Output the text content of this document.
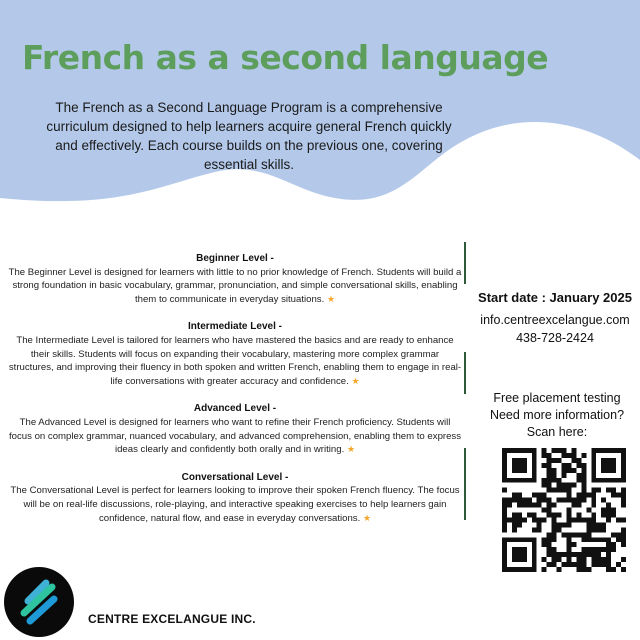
French as a second language

The French as a Second Language Program is a comprehensive curriculum designed to help learners acquire general French quickly and effectively. Each course builds on the previous one, covering essential skills.

Beginner Level -
The Beginner Level is designed for learners with little to no prior knowledge of French. Students will build a strong foundation in basic vocabulary, grammar, pronunciation, and simple conversational skills, enabling them to communicate in everyday situations. ★
Intermediate Level -
The Intermediate Level is tailored for learners who have mastered the basics and are ready to enhance their skills. Students will focus on expanding their vocabulary, mastering more complex grammar structures, and improving their fluency in both spoken and written French, enabling them to engage in real-life conversations with greater accuracy and confidence. ★
Advanced Level -
The Advanced Level is designed for learners who want to refine their French proficiency. Students will focus on complex grammar, nuanced vocabulary, and advanced comprehension, enabling them to express ideas clearly and confidently both orally and in writing. ★
Conversational Level -
The Conversational Level is perfect for learners looking to improve their spoken French fluency. The focus will be on real-life discussions, role-playing, and interactive speaking exercises to help learners gain confidence, natural flow, and ease in everyday conversations. ★
Start date : January 2025
info.centreexcelangue.com
438-728-2424
Free placement testing
Need more information?
Scan here:

CENTRE EXCELANGUE INC.
